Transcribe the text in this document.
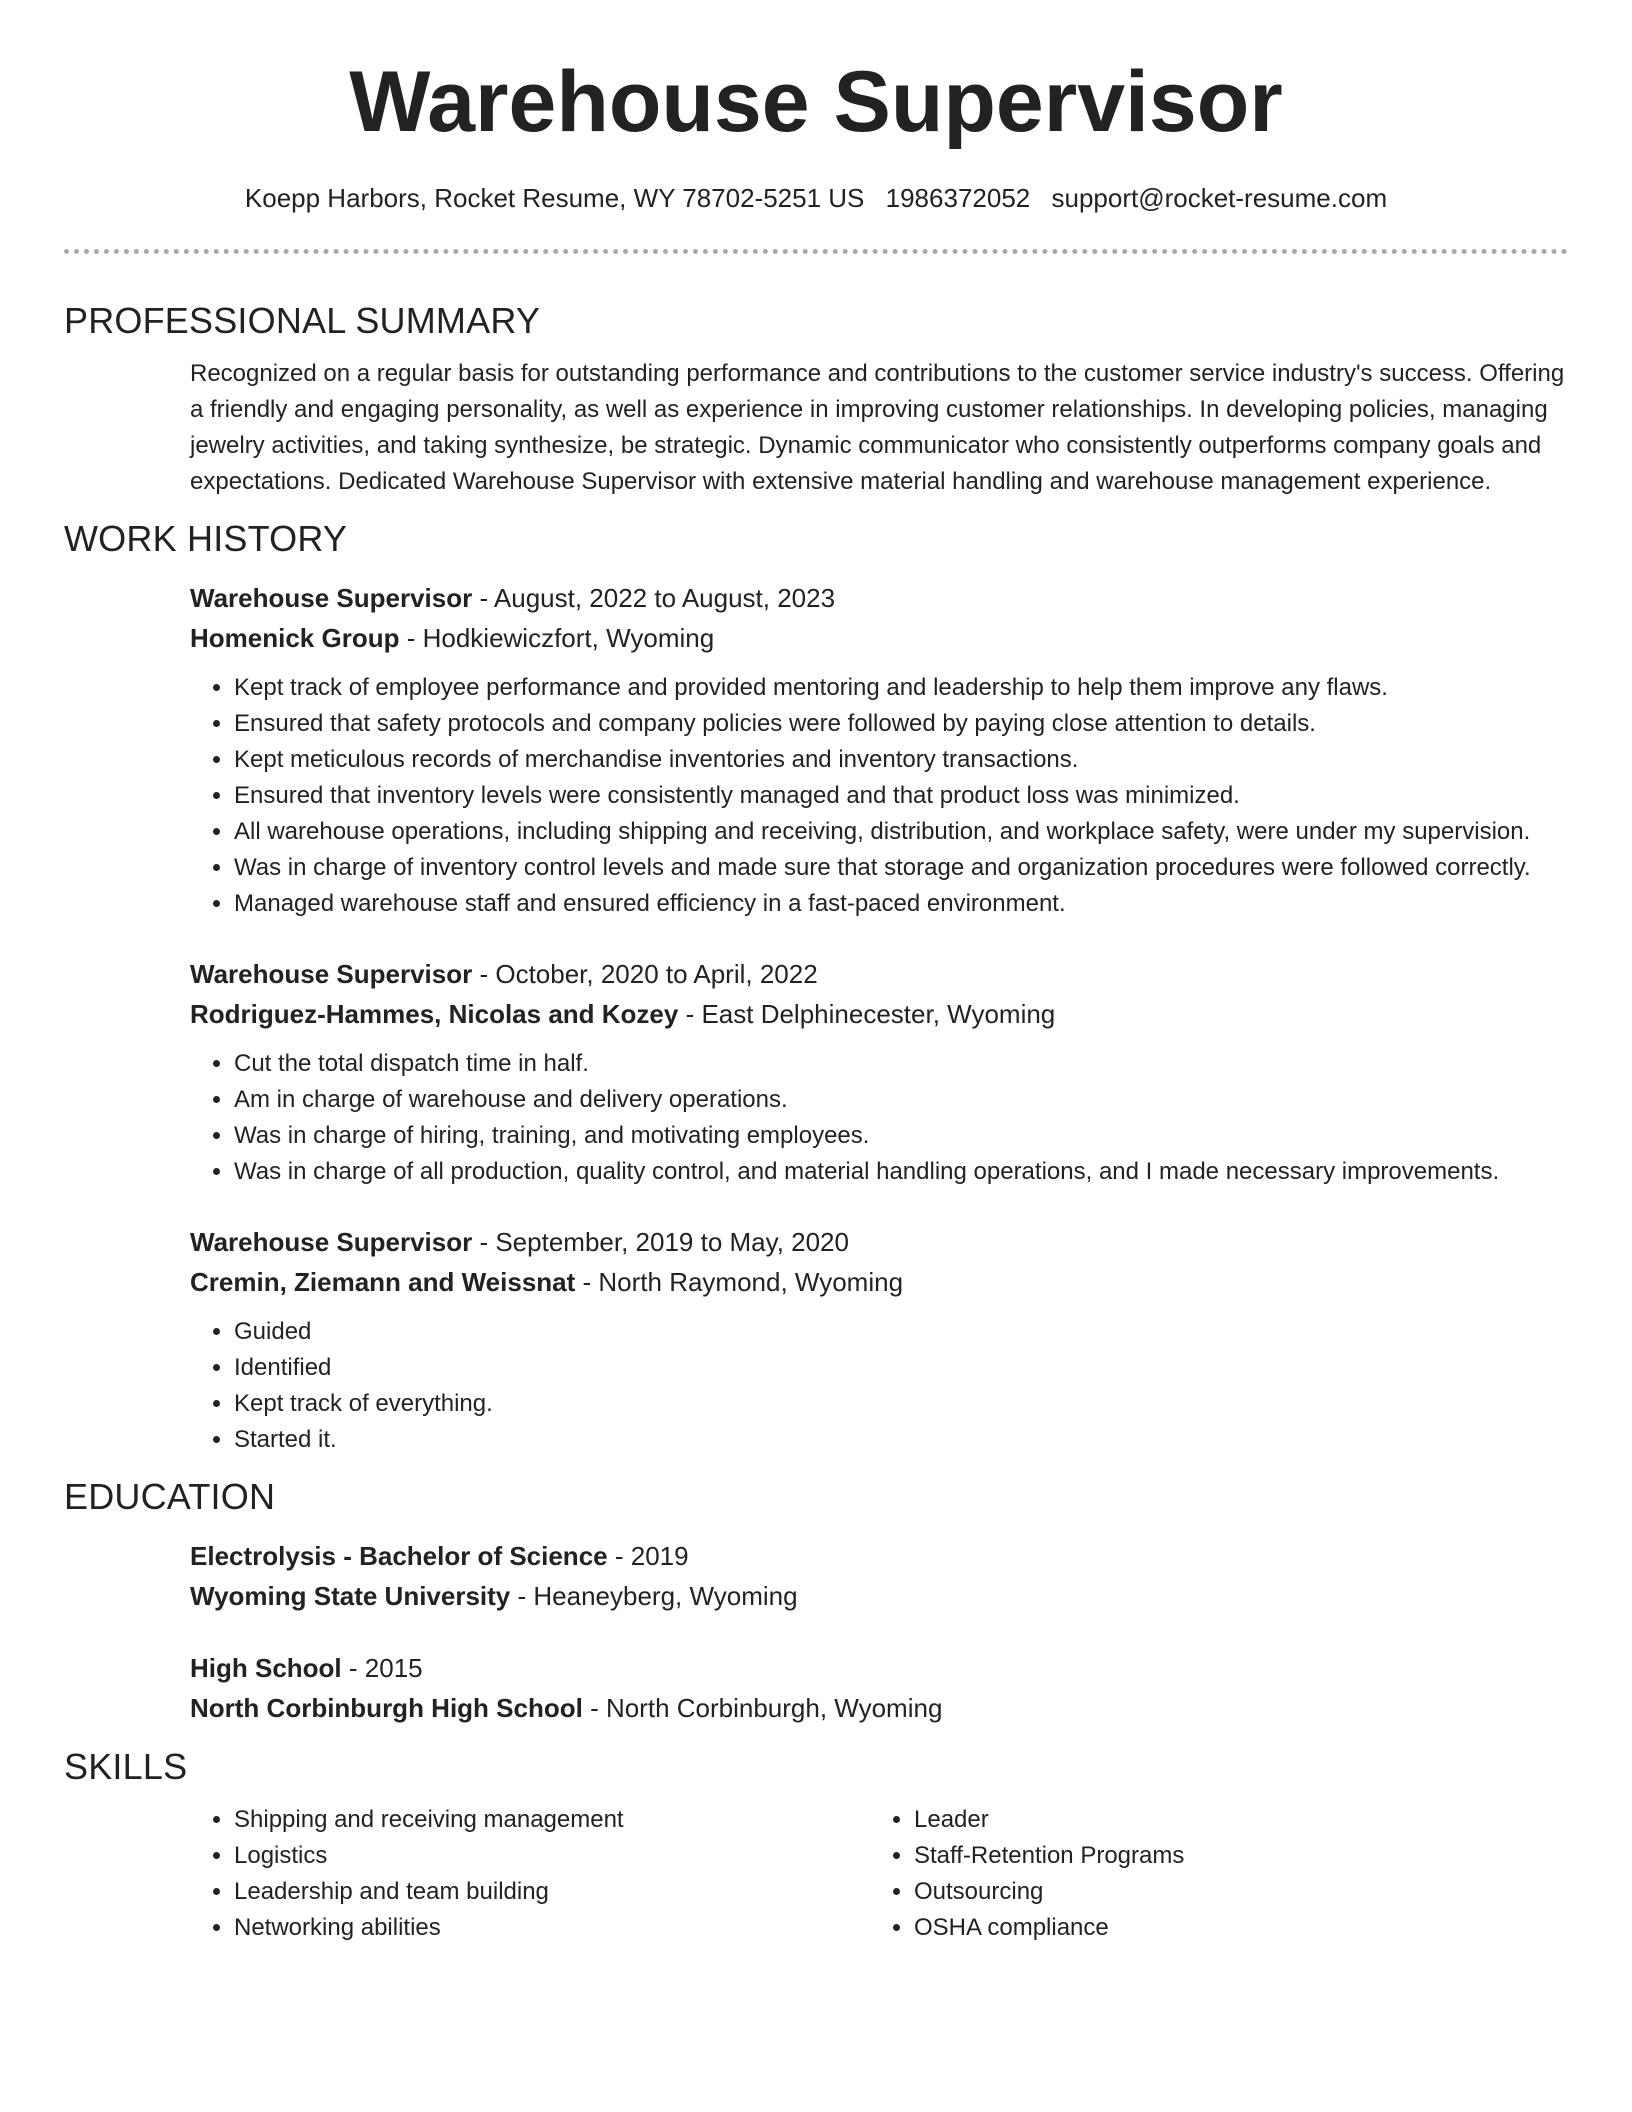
Warehouse Supervisor
Koepp Harbors, Rocket Resume, WY 78702-5251 US 1986372052 support@rocket-resume.com
PROFESSIONAL SUMMARY

Recognized on a regular basis for outstanding performance and contributions to the customer service industry's success. Offering a friendly and engaging personality, as well as experience in improving customer relationships. In developing policies, managing jewelry activities, and taking synthesize, be strategic. Dynamic communicator who consistently outperforms company goals and expectations. Dedicated Warehouse Supervisor with extensive material handling and warehouse management experience.

WORK HISTORY
Warehouse Supervisor - August, 2022 to August, 2023
Homenick Group - Hodkiewiczfort, Wyoming
• Kept track of employee performance and provided mentoring and leadership to help them improve any flaws.
• Ensured that safety protocols and company policies were followed by paying close attention to details.
• Kept meticulous records of merchandise inventories and inventory transactions.
• Ensured that inventory levels were consistently managed and that product loss was minimized.
• All warehouse operations, including shipping and receiving, distribution, and workplace safety, were under my supervision.
• Was in charge of inventory control levels and made sure that storage and organization procedures were followed correctly.
• Managed warehouse staff and ensured efficiency in a fast-paced environment.
Warehouse Supervisor - October, 2020 to April, 2022
Rodriguez-Hammes, Nicolas and Kozey - East Delphinecester, Wyoming
• Cut the total dispatch time in half.
• Am in charge of warehouse and delivery operations.
• Was in charge of hiring, training, and motivating employees.
• Was in charge of all production, quality control, and material handling operations, and I made necessary improvements.
Warehouse Supervisor - September, 2019 to May, 2020
Cremin, Ziemann and Weissnat - North Raymond, Wyoming
• Guided
• Identified
• Kept track of everything.
• Started it.
EDUCATION
Electrolysis - Bachelor of Science - 2019
Wyoming State University - Heaneyberg, Wyoming
High School - 2015
North Corbinburgh High School - North Corbinburgh, Wyoming
SKILLS
• Shipping and receiving management
• Logistics
• Leadership and team building
• Networking abilities
• Leader
• Staff-Retention Programs
• Outsourcing
• OSHA compliance
